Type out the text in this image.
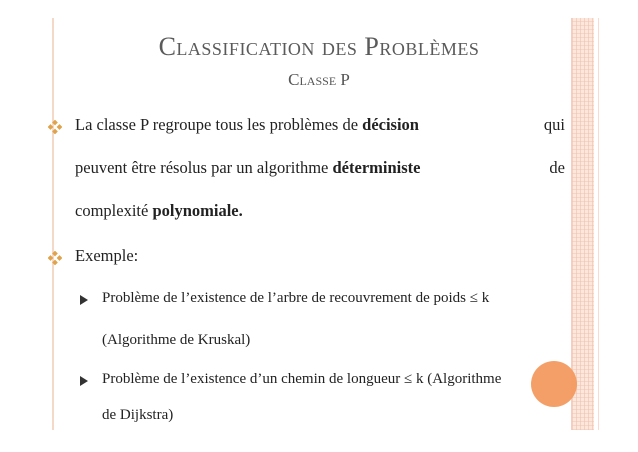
Classification des Problèmes
Classe P
La classe P regroupe tous les problèmes de décision	qui
peuvent être résolus par un algorithme déterministe	de
complexité polynomiale.
Exemple:
Problème de l’existence de l’arbre de recouvrement de poids ≤ k
(Algorithme de Kruskal)
Problème de l’existence d’un chemin de longueur ≤ k (Algorithme
de Dijkstra)
